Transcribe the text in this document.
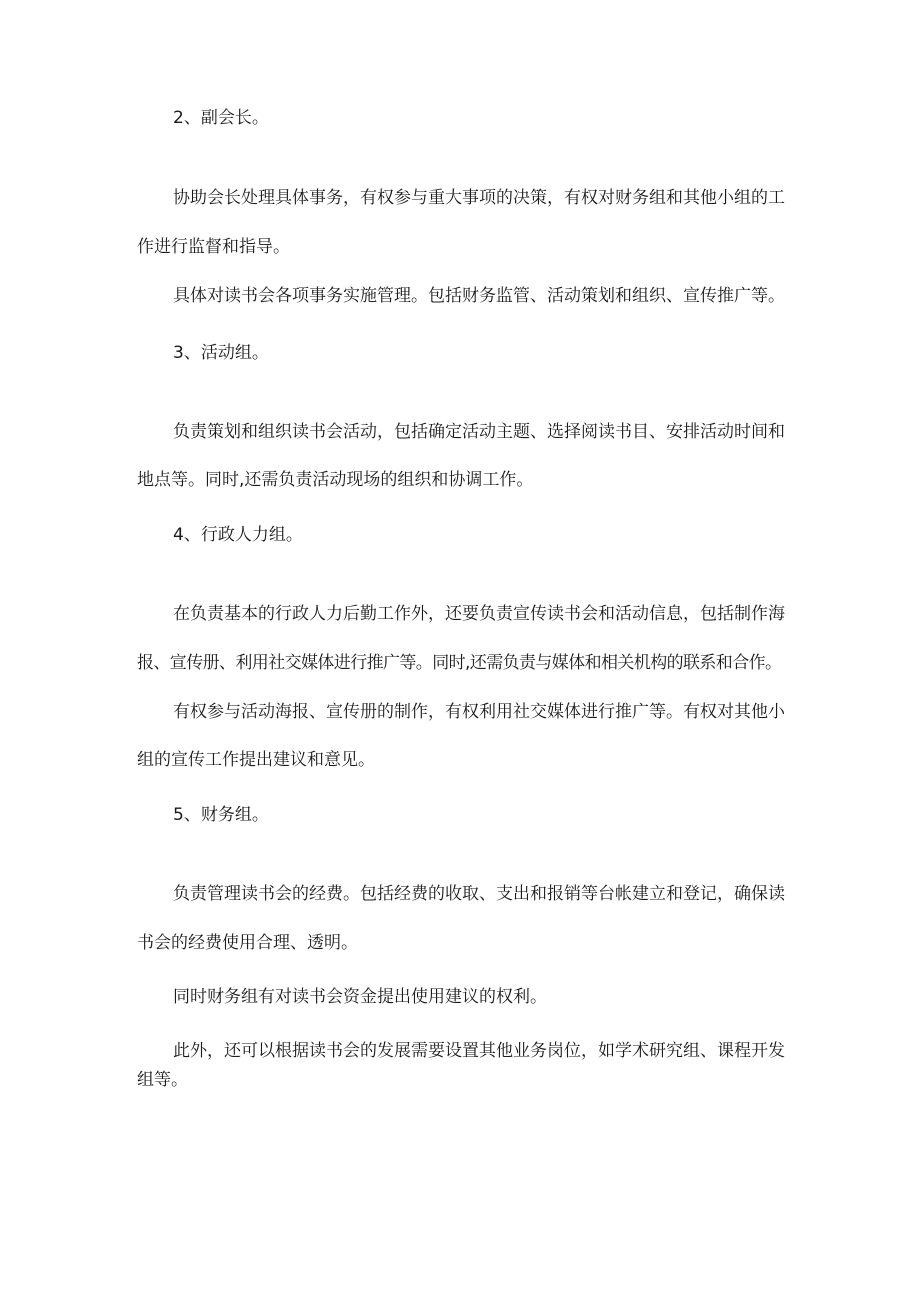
2、副会长。

协助会长处理具体事务，有权参与重大事项的决策，有权对财务组和其他小组的工

作进行监督和指导。

具体对读书会各项事务实施管理。包括财务监管、活动策划和组织、宣传推广等。

3、活动组。

负责策划和组织读书会活动，包括确定活动主题、选择阅读书目、安排活动时间和

地点等。同时,还需负责活动现场的组织和协调工作。

4、行政人力组。

在负责基本的行政人力后勤工作外，还要负责宣传读书会和活动信息，包括制作海

报、宣传册、利用社交媒体进行推广等。同时,还需负责与媒体和相关机构的联系和合作。

有权参与活动海报、宣传册的制作，有权利用社交媒体进行推广等。有权对其他小

组的宣传工作提出建议和意见。

5、财务组。

负责管理读书会的经费。包括经费的收取、支出和报销等台帐建立和登记，确保读

书会的经费使用合理、透明。

同时财务组有对读书会资金提出使用建议的权利。

此外，还可以根据读书会的发展需要设置其他业务岗位，如学术研究组、课程开发

组等。
